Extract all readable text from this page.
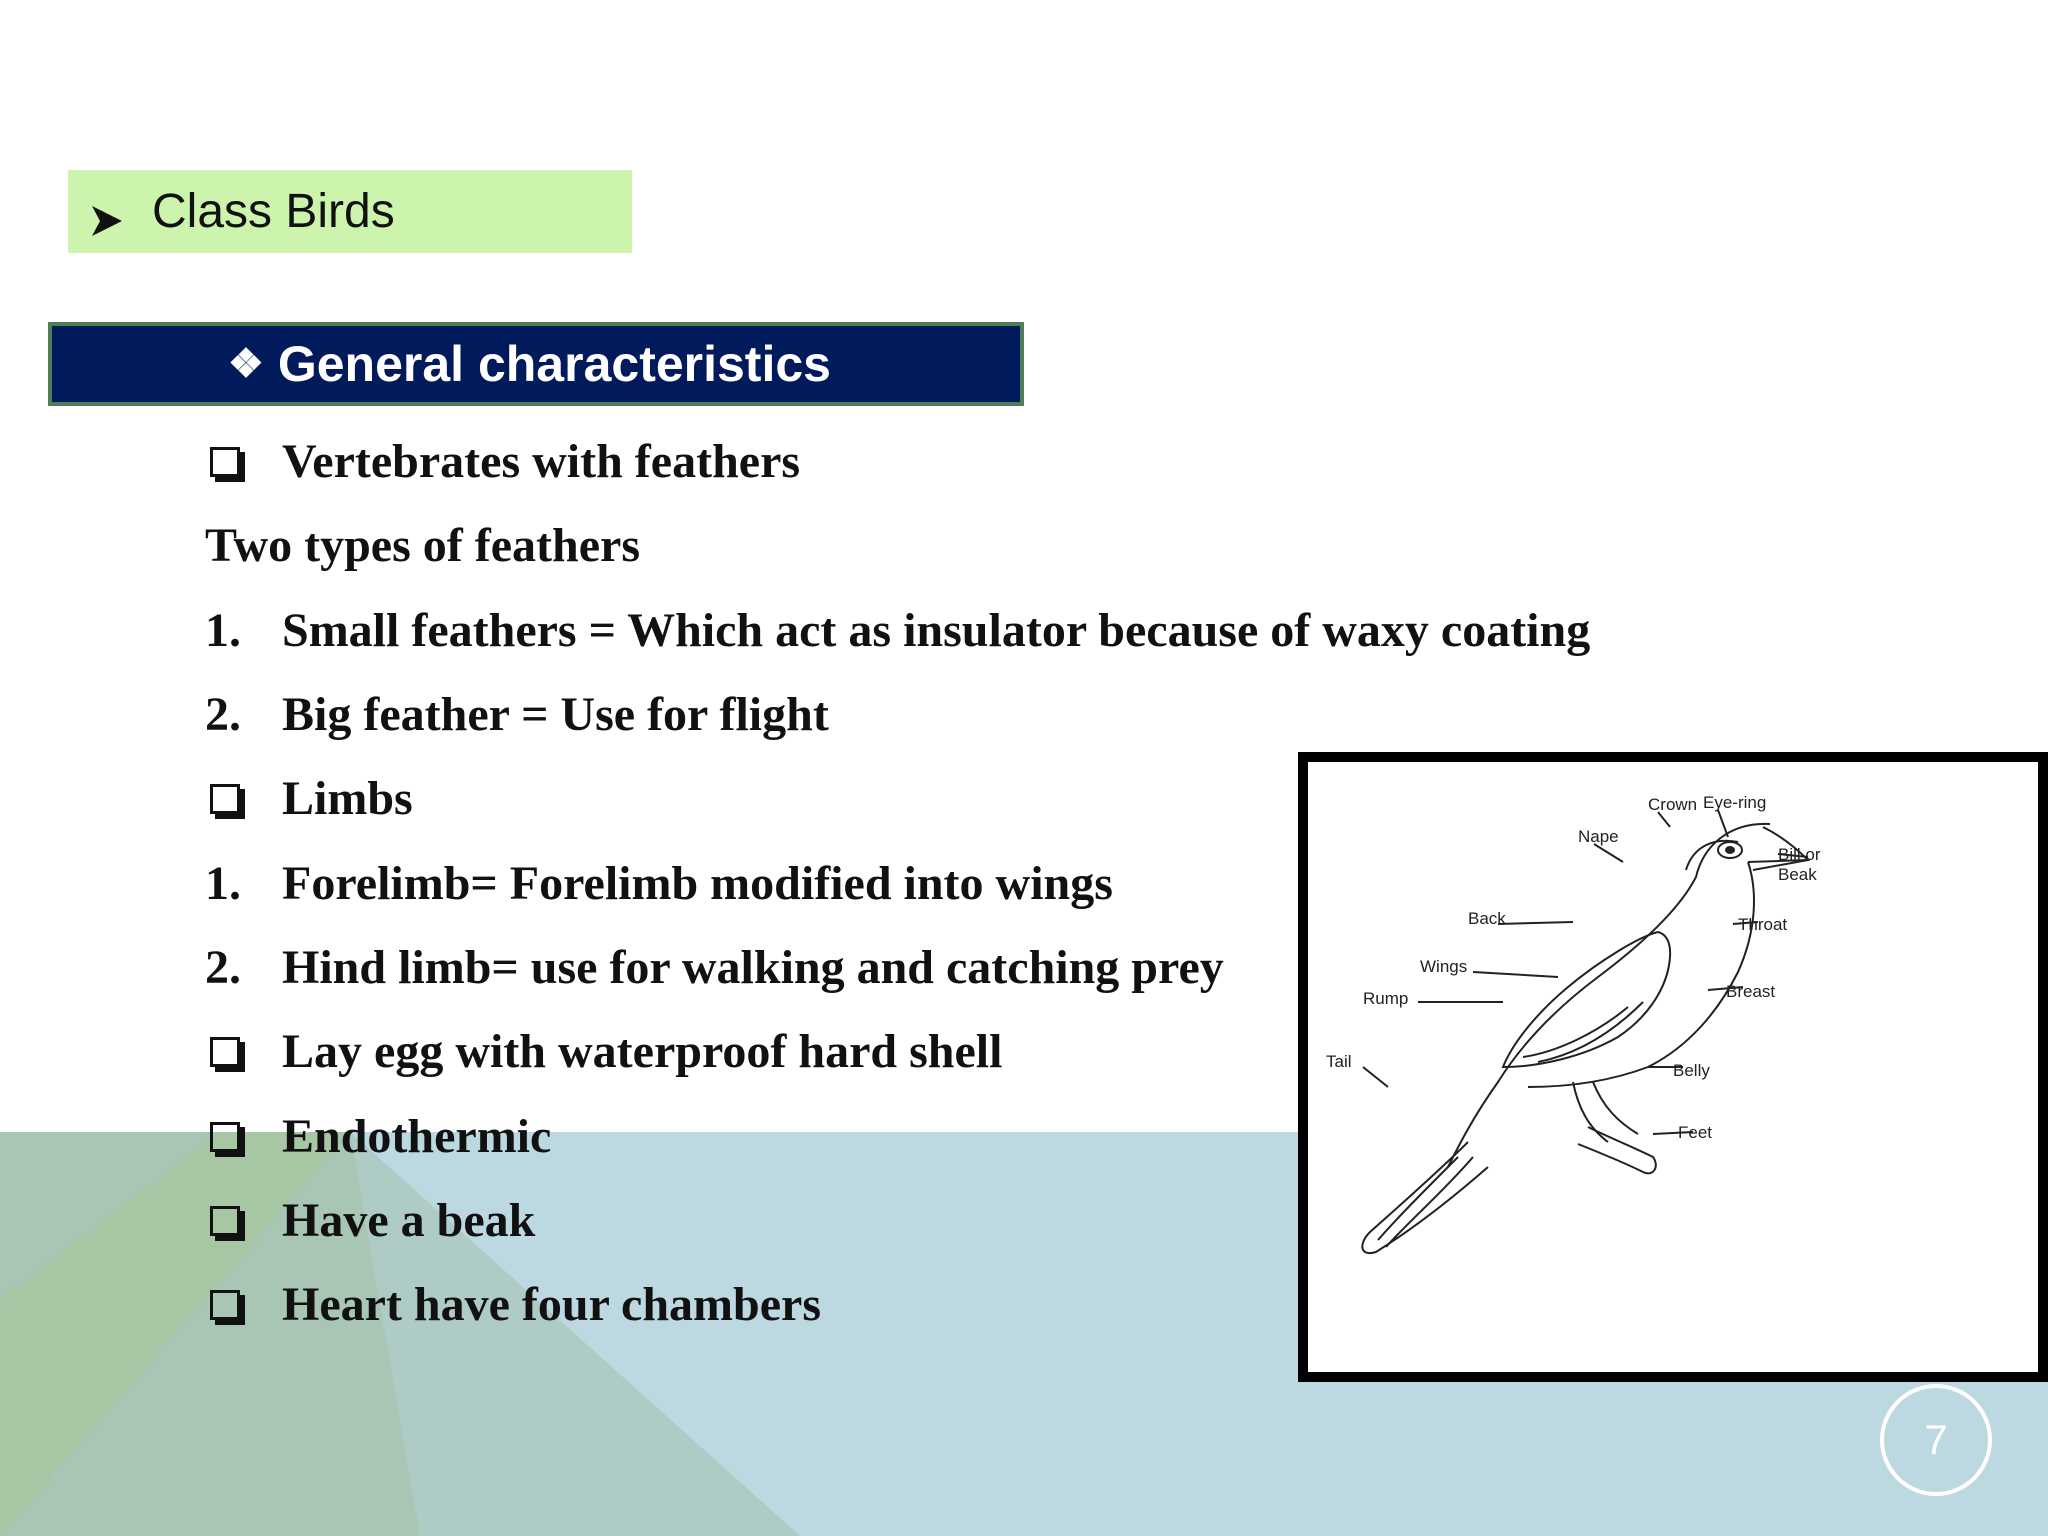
Class Birds
❖ General characteristics
Vertebrates with feathers
Two types of feathers
1. Small feathers = Which act as insulator because of waxy coating
2. Big feather = Use for flight
Limbs
1. Forelimb= Forelimb modified into wings
2. Hind limb= use for walking and catching prey
Lay egg with waterproof hard shell
Endothermic
Have a beak
Heart have four chambers
Crown Eye-ring
Nape
Bill or
Beak
Back	Throat
Wings
Rump	Breast
Tail	Belly
Feet
7
